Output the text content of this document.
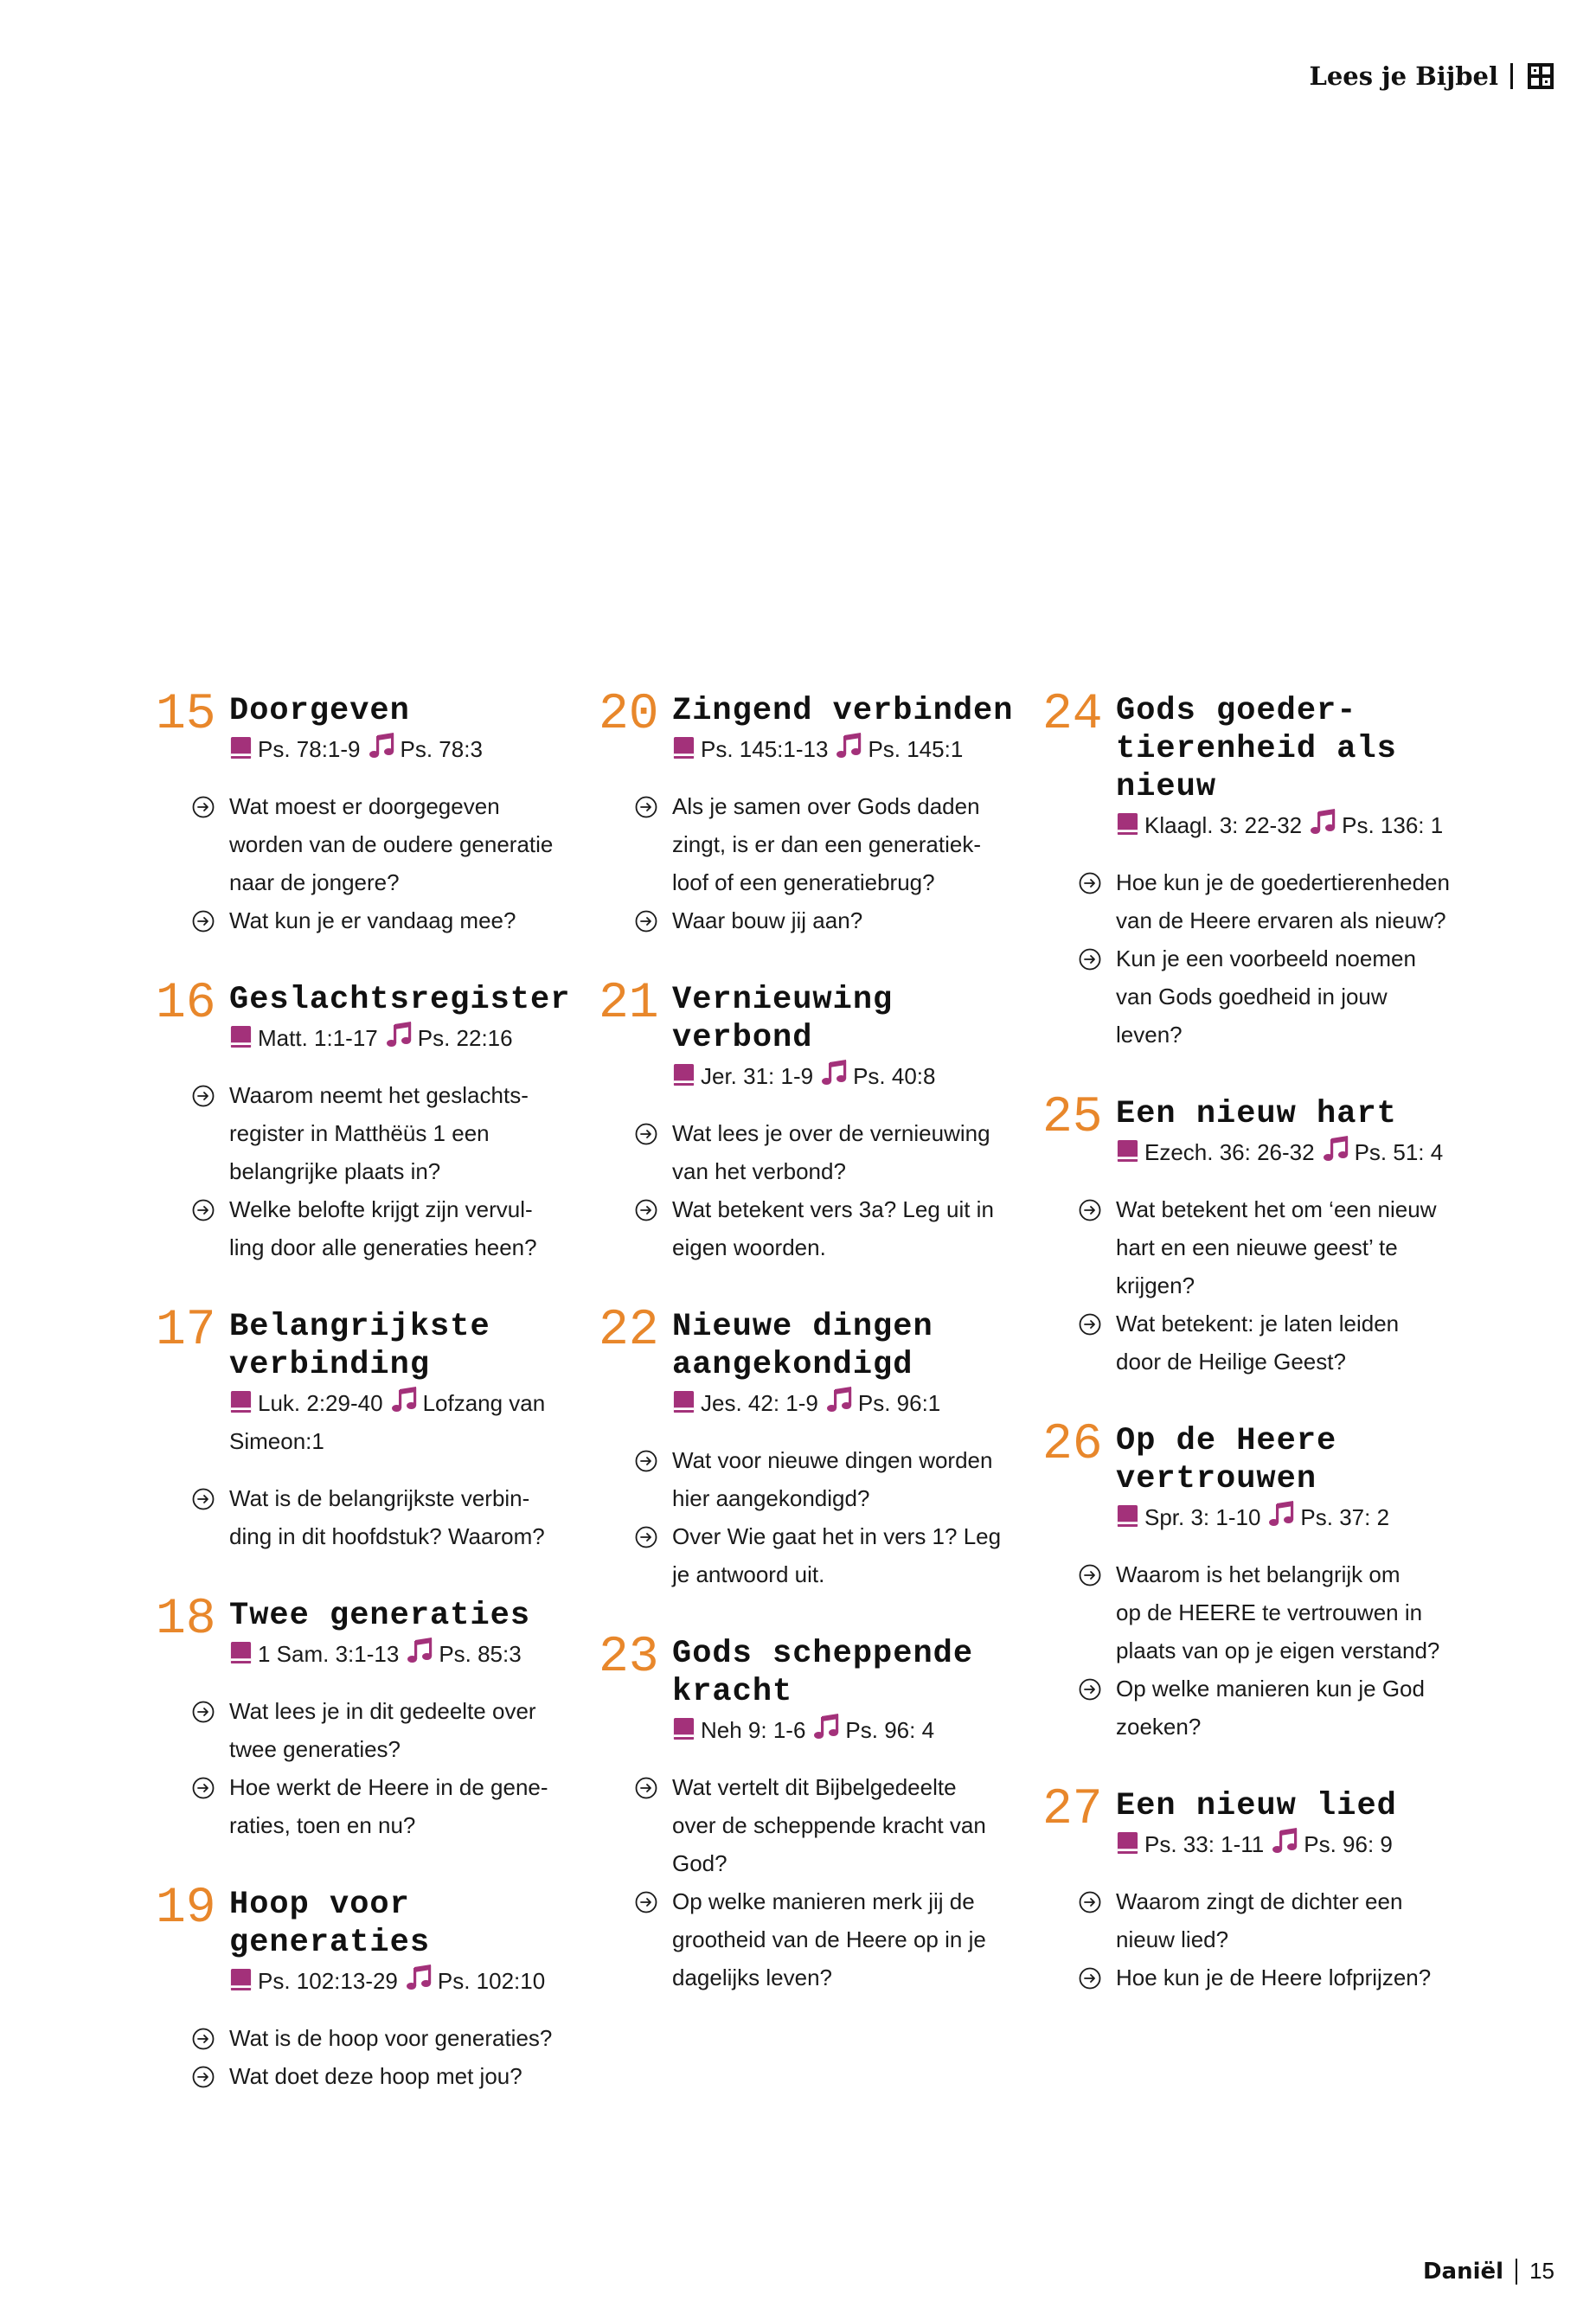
Lees je Bijbel
15 Doorgeven
Ps. 78:1-9 Ps. 78:3
Wat moest er doorgegeven
worden van de oudere generatie
naar de jongere?
Wat kun je er vandaag mee?
16 Geslachtsregister
Matt. 1:1-17 Ps. 22:16
Waarom neemt het geslachts-
register in Matthëüs 1 een
belangrijke plaats in?
Welke belofte krijgt zijn vervul-
ling door alle generaties heen?
17 Belangrijkste
verbinding
Luk. 2:29-40 Lofzang van
Simeon:1
Wat is de belangrijkste verbin-
ding in dit hoofdstuk? Waarom?
18 Twee generaties
1 Sam. 3:1-13 Ps. 85:3
Wat lees je in dit gedeelte over
twee generaties?
Hoe werkt de Heere in de gene-
raties, toen en nu?
19 Hoop voor
generaties
Ps. 102:13-29 Ps. 102:10
Wat is de hoop voor generaties?
Wat doet deze hoop met jou?
20 Zingend verbinden
Ps. 145:1-13 Ps. 145:1
Als je samen over Gods daden
zingt, is er dan een generatiek-
loof of een generatiebrug?
Waar bouw jij aan?
21 Vernieuwing
verbond
Jer. 31: 1-9 Ps. 40:8
Wat lees je over de vernieuwing
van het verbond?
Wat betekent vers 3a? Leg uit in
eigen woorden.
22 Nieuwe dingen
aangekondigd
Jes. 42: 1-9 Ps. 96:1
Wat voor nieuwe dingen worden
hier aangekondigd?
Over Wie gaat het in vers 1? Leg
je antwoord uit.
23 Gods scheppende
kracht
Neh 9: 1-6 Ps. 96: 4
Wat vertelt dit Bijbelgedeelte
over de scheppende kracht van
God?
Op welke manieren merk jij de
grootheid van de Heere op in je
dagelijks leven?
24 Gods goeder-
tierenheid als
nieuw
Klaagl. 3: 22-32 Ps. 136: 1
Hoe kun je de goedertierenheden
van de Heere ervaren als nieuw?
Kun je een voorbeeld noemen
van Gods goedheid in jouw
leven?
25 Een nieuw hart
Ezech. 36: 26-32 Ps. 51: 4
Wat betekent het om ‘een nieuw
hart en een nieuwe geest’ te
krijgen?
Wat betekent: je laten leiden
door de Heilige Geest?
26 Op de Heere
vertrouwen
Spr. 3: 1-10 Ps. 37: 2
Waarom is het belangrijk om
op de HEERE te vertrouwen in
plaats van op je eigen verstand?
Op welke manieren kun je God
zoeken?
27 Een nieuw lied
Ps. 33: 1-11 Ps. 96: 9
Waarom zingt de dichter een
nieuw lied?
Hoe kun je de Heere lofprijzen?
Daniël 15
